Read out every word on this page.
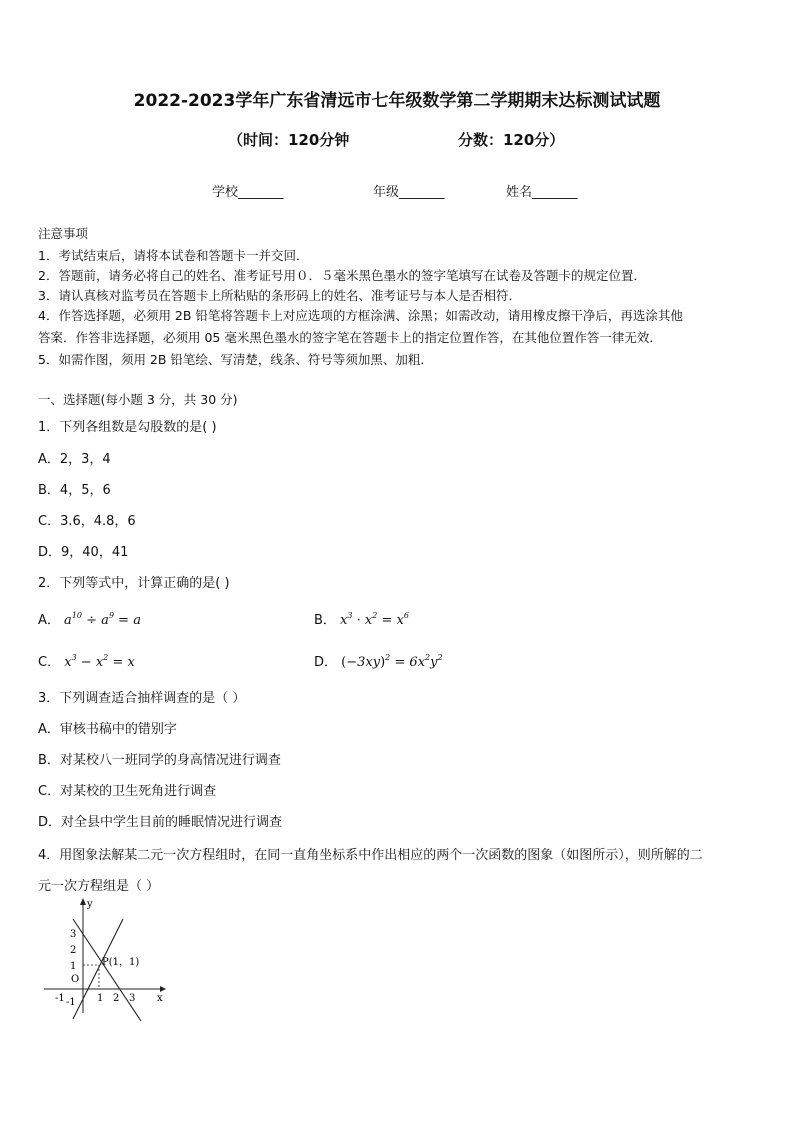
2022-2023学年广东省清远市七年级数学第二学期期末达标测试试题
（时间：120分钟	分数：120分）
学校_______	年级_______	姓名_______
注意事项
1．考试结束后，请将本试卷和答题卡一并交回．
2．答题前，请务必将自己的姓名、准考证号用０．５毫米黑色墨水的签字笔填写在试卷及答题卡的规定位置．
3．请认真核对监考员在答题卡上所粘贴的条形码上的姓名、准考证号与本人是否相符．
4．作答选择题，必须用 2B 铅笔将答题卡上对应选项的方框涂满、涂黑；如需改动，请用橡皮擦干净后，再选涂其他
答案．作答非选择题，必须用 05 毫米黑色墨水的签字笔在答题卡上的指定位置作答，在其他位置作答一律无效．
5．如需作图，须用 2B 铅笔绘、写清楚，线条、符号等须加黑、加粗．
一、选择题(每小题 3 分，共 30 分)
1．下列各组数是勾股数的是( )
A．2，3，4
B．4，5，6
C．3.6，4.8，6
D．9，40，41
2．下列等式中，计算正确的是( )
A． $a^{10} \div a^9 = a$	B． $x^3 \cdot x^2 = x^6$
C． $x^3 - x^2 = x$	D． $(-3xy)^2 = 6x^2y^2$
3．下列调查适合抽样调查的是（ ）
A．审核书稿中的错别字
B．对某校八一班同学的身高情况进行调查
C．对某校的卫生死角进行调查
D．对全县中学生目前的睡眠情况进行调查
4．用图象法解某二元一次方程组时，在同一直角坐标系中作出相应的两个一次函数的图象（如图所示），则所解的二
元一次方程组是（ ）
y
x
O
P(1，1)
-1	1 2 3
3
2
1
-1
